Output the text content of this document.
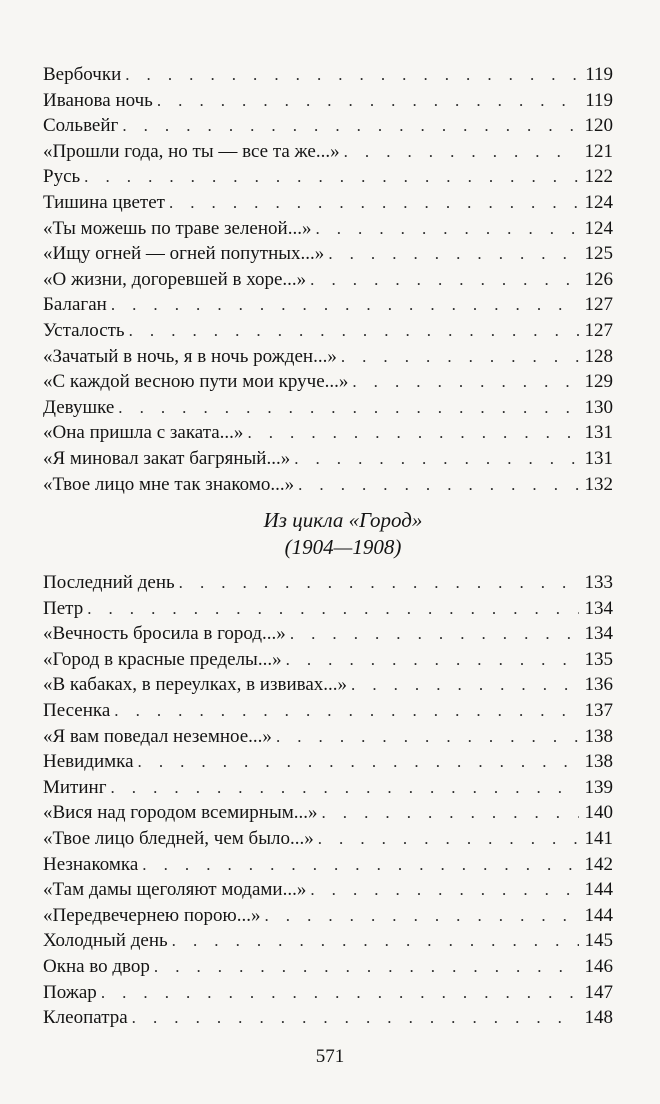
Вербочки . . .	119
Иванова ночь . . .	119
Сольвейг . . .	120
«Прошли года, но ты — все та же...» . . .	121
Русь . . .	122
Тишина цветет . . .	124
«Ты можешь по траве зеленой...» . . .	124
«Ищу огней — огней попутных...» . . .	125
«О жизни, догоревшей в хоре...» . . .	126
Балаган . . .	127
Усталость . . .	127
«Зачатый в ночь, я в ночь рожден...» . . .	128
«С каждой весною пути мои круче...» . . .	129
Девушке . . .	130
«Она пришла с заката...» . . .	131
«Я миновал закат багряный...» . . .	131
«Твое лицо мне так знакомо...» . . .	132
Из цикла «Город»
(1904—1908)
Последний день . . .	133
Петр . . .	134
«Вечность бросила в город...» . . .	134
«Город в красные пределы...» . . .	135
«В кабаках, в переулках, в извивах...» . . .	136
Песенка . . .	137
«Я вам поведал неземное...» . . .	138
Невидимка . . .	138
Митинг . . .	139
«Вися над городом всемирным...» . . .	140
«Твое лицо бледней, чем было...» . . .	141
Незнакомка . . .	142
«Там дамы щеголяют модами...» . . .	144
«Передвечернею порою...» . . .	144
Холодный день . . .	145
Окна во двор . . .	146
Пожар . . .	147
Клеопатра . . .	148
571
